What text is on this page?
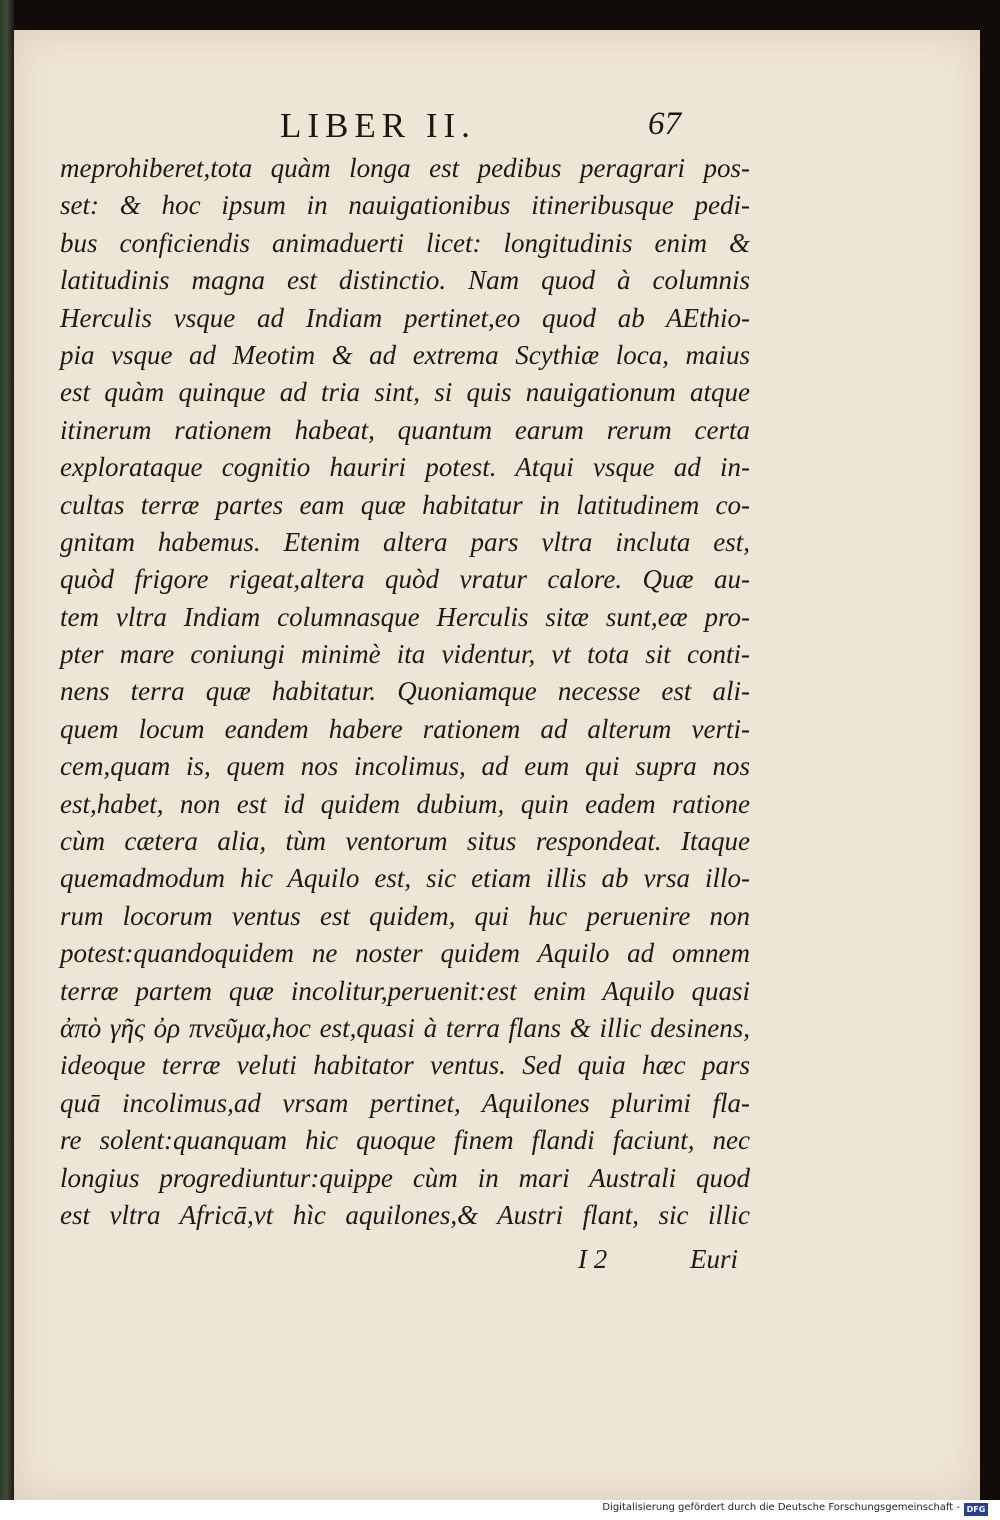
LIBER II.	67
meprohiberet,tota quàm longa est pedibus peragrari pos-
set: & hoc ipsum in nauigationibus itineribusque pedi-
bus conficiendis animaduerti licet: longitudinis enim &
latitudinis magna est distinctio. Nam quod à columnis
Herculis vsque ad Indiam pertinet,eo quod ab AEthio-
pia vsque ad Meotim & ad extrema Scythiæ loca, maius
est quàm quinque ad tria sint, si quis nauigationum atque
itinerum rationem habeat, quantum earum rerum certa
explorataque cognitio hauriri potest. Atqui vsque ad in-
cultas terræ partes eam quæ habitatur in latitudinem co-
gnitam habemus. Etenim altera pars vltra incluta est,
quòd frigore rigeat,altera quòd vratur calore. Quæ au-
tem vltra Indiam columnasque Herculis sitæ sunt,eæ pro-
pter mare coniungi minimè ita videntur, vt tota sit conti-
nens terra quæ habitatur. Quoniamque necesse est ali-
quem locum eandem habere rationem ad alterum verti-
cem,quam is, quem nos incolimus, ad eum qui supra nos
est,habet, non est id quidem dubium, quin eadem ratione
cùm cætera alia, tùm ventorum situs respondeat. Itaque
quemadmodum hic Aquilo est, sic etiam illis ab vrsa illo-
rum locorum ventus est quidem, qui huc peruenire non
potest:quandoquidem ne noster quidem Aquilo ad omnem
terræ partem quæ incolitur,peruenit:est enim Aquilo quasi
ἀπὸ γῆς ὀρ πνεῦμα,hoc est,quasi à terra flans & illic desinens,
ideoque terræ veluti habitator ventus. Sed quia hæc pars
quā incolimus,ad vrsam pertinet, Aquilones plurimi fla-
re solent:quanquam hic quoque finem flandi faciunt, nec
longius progrediuntur:quippe cùm in mari Australi quod
est vltra Africā,vt hìc aquilones,& Austri flant, sic illic
I 2	Euri
Digitalisierung gefördert durch die Deutsche Forschungsgemeinschaft - DFG
